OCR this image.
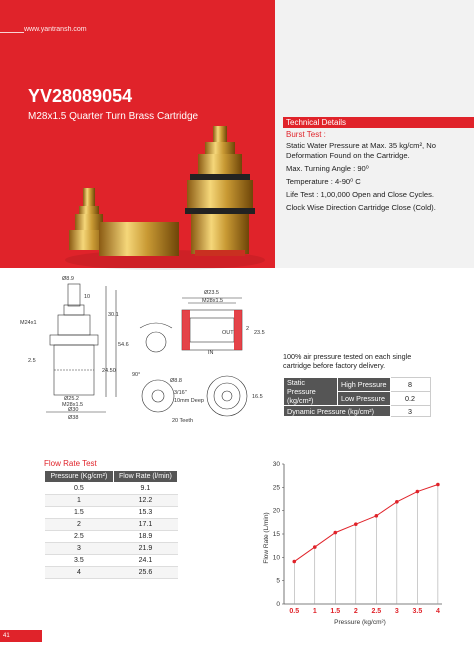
www.yantransh.com
YV28089054
M28x1.5 Quarter Turn Brass Cartridge
Technical Details
Burst Test :

Static Water Pressure at Max. 35 kg/cm², No Deformation Found on the Cartridge.

Max. Turning Angle : 90⁰

Temperature : 4-90⁰ C

Life Test : 1,00,000 Open and Close Cycles.

Clock Wise Direction Cartridge Close (Cold).

Ø8.9
10
30.1
M24x1
54.6
2.5
24.50
Ø25.2
M28x1.5
Ø30
Ø38
Ø23.5
M28x1.5
OUT
IN
2
23.5
90°
Ø8.8
3/16"
10mm Deep
20 Teeth
16.5
100% air pressure tested on each single cartridge before factory delivery.
Static Pressure (kg/cm²)	High Pressure	8
	Low Pressure	0.2
Dynamic Pressure (kg/cm²)		3
Flow Rate Test
Pressure (Kg/cm²)	Flow Rate (l/min)
0.5	9.1
1	12.2
1.5	15.3
2	17.1
2.5	18.9
3	21.9
3.5	24.1
4	25.6
Flow Rate (L/min)
Pressure (kg/cm²)
0
5
10
15
20
25
30
0.5 1 1.5 2 2.5 3 3.5 4
41
